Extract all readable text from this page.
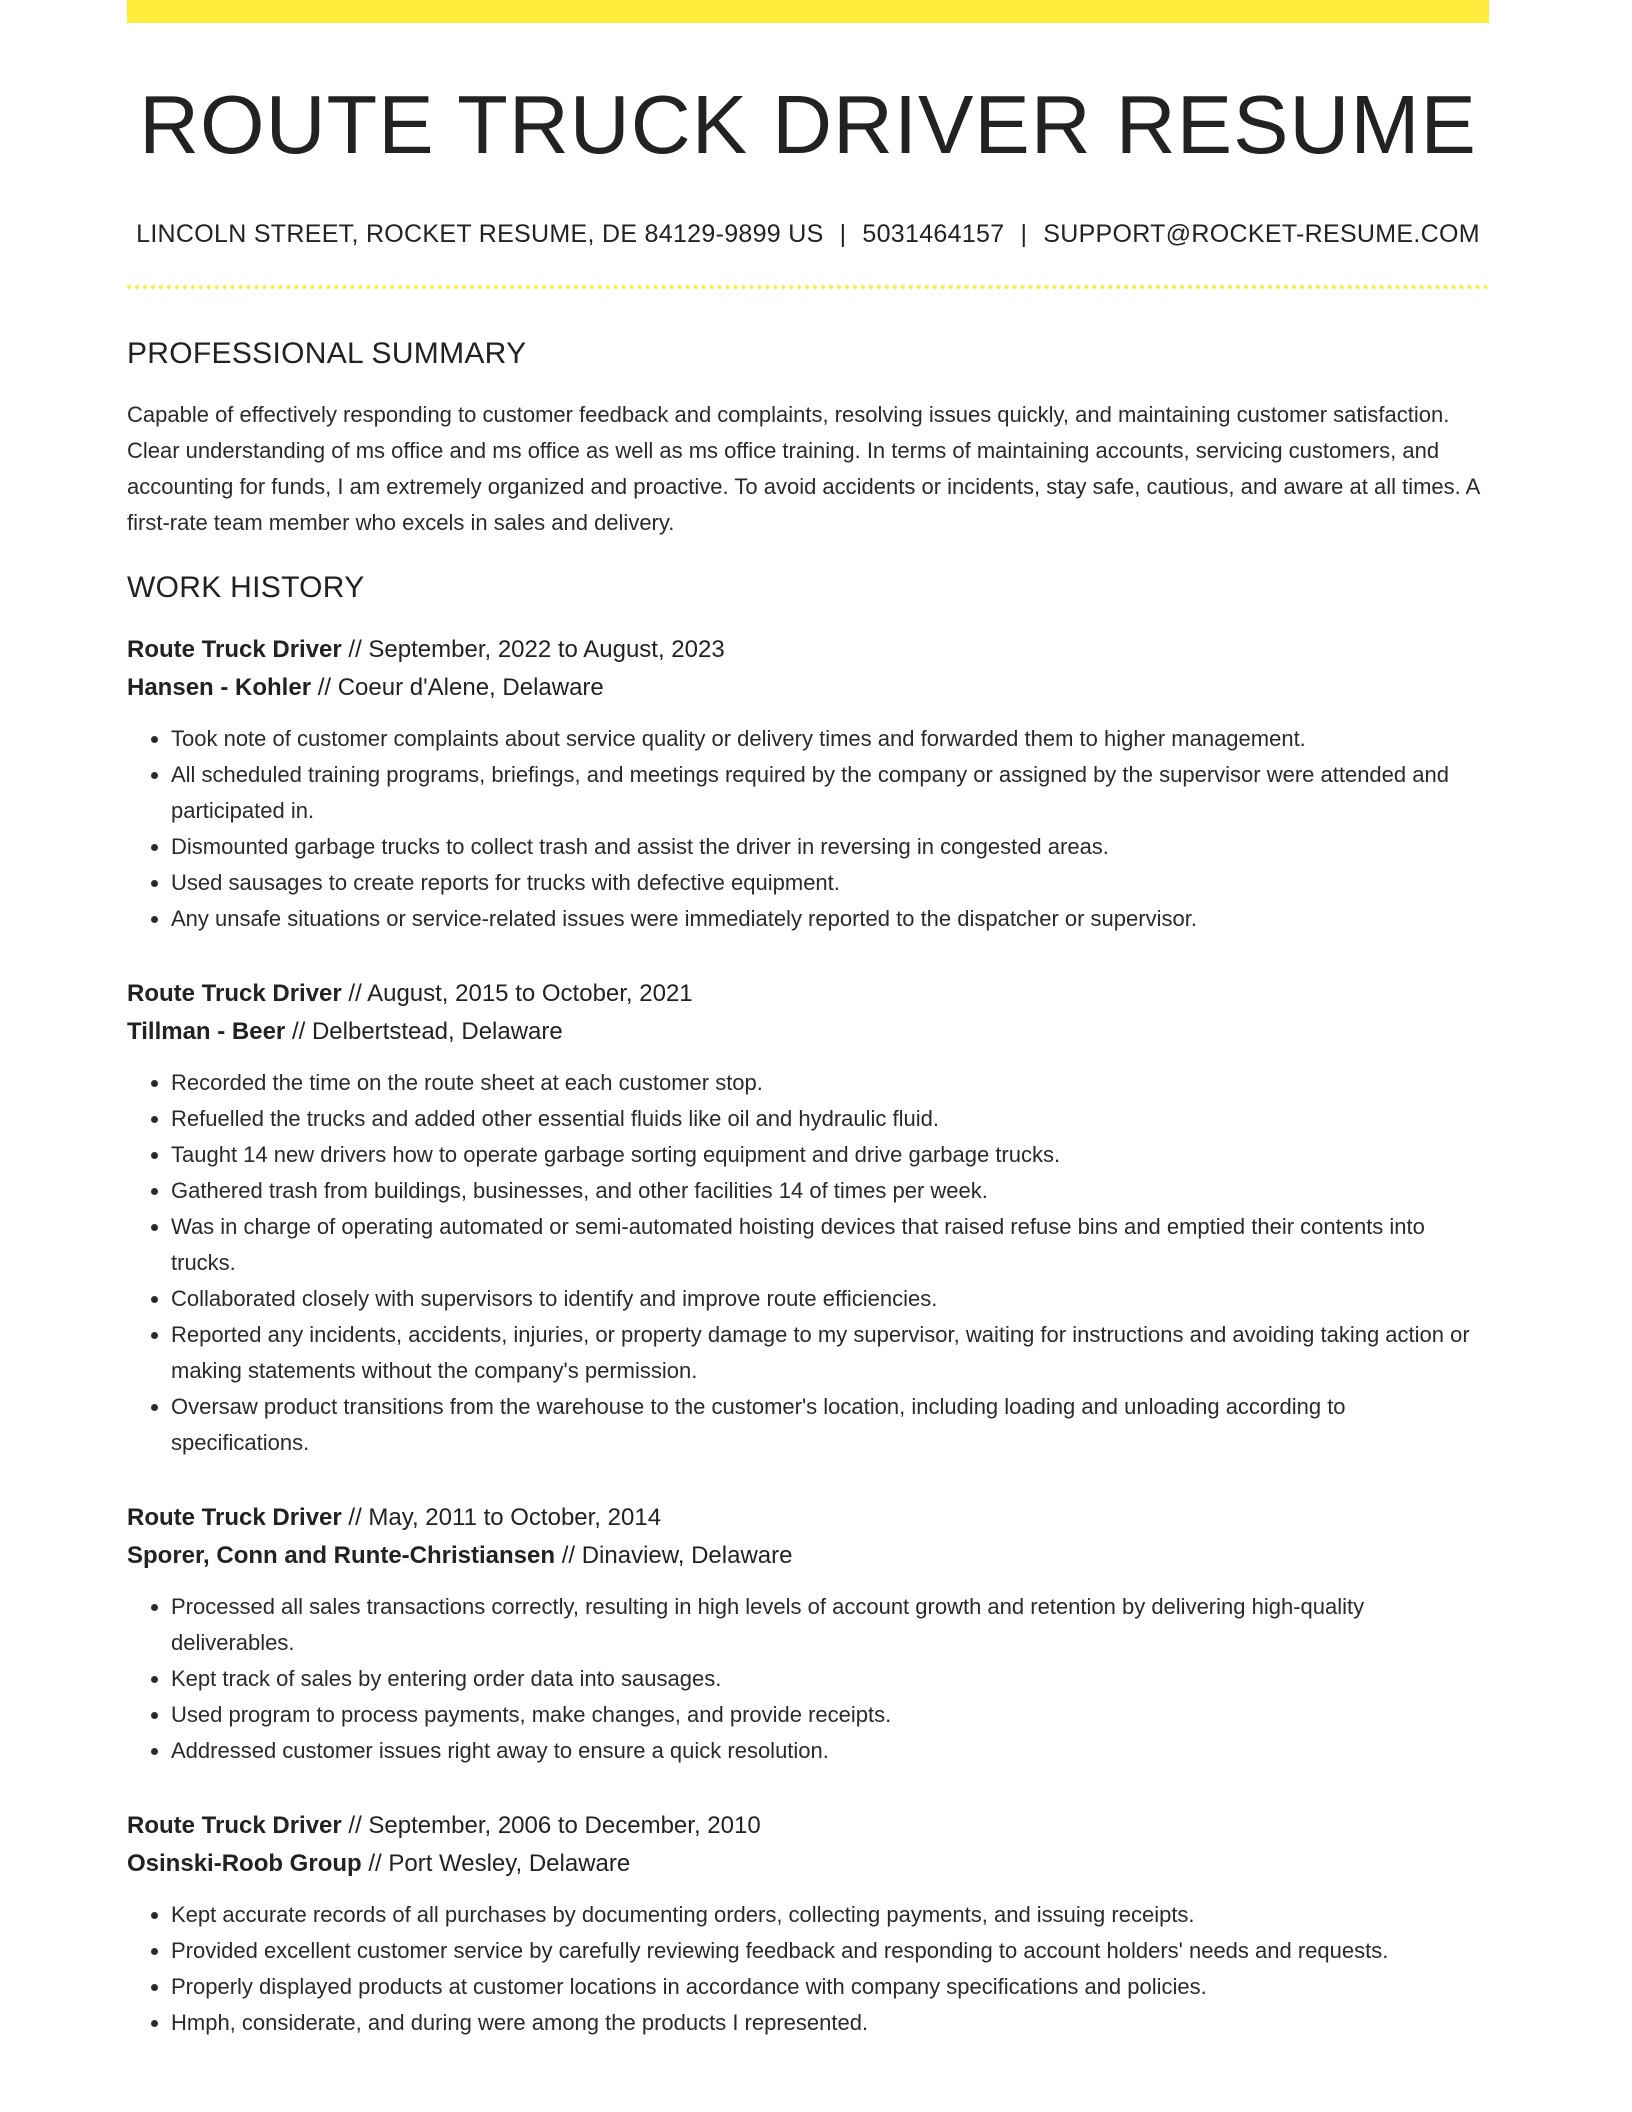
ROUTE TRUCK DRIVER RESUME
LINCOLN STREET, ROCKET RESUME, DE 84129-9899 US | 5031464157 | SUPPORT@ROCKET-RESUME.COM
PROFESSIONAL SUMMARY

Capable of effectively responding to customer feedback and complaints, resolving issues quickly, and maintaining customer satisfaction. Clear understanding of ms office and ms office as well as ms office training. In terms of maintaining accounts, servicing customers, and accounting for funds, I am extremely organized and proactive. To avoid accidents or incidents, stay safe, cautious, and aware at all times. A first-rate team member who excels in sales and delivery.

WORK HISTORY
Route Truck Driver // September, 2022 to August, 2023
Hansen - Kohler // Coeur d'Alene, Delaware
• Took note of customer complaints about service quality or delivery times and forwarded them to higher management.
• All scheduled training programs, briefings, and meetings required by the company or assigned by the supervisor were attended and participated in.
• Dismounted garbage trucks to collect trash and assist the driver in reversing in congested areas.
• Used sausages to create reports for trucks with defective equipment.
• Any unsafe situations or service-related issues were immediately reported to the dispatcher or supervisor.
Route Truck Driver // August, 2015 to October, 2021
Tillman - Beer // Delbertstead, Delaware
• Recorded the time on the route sheet at each customer stop.
• Refuelled the trucks and added other essential fluids like oil and hydraulic fluid.
• Taught 14 new drivers how to operate garbage sorting equipment and drive garbage trucks.
• Gathered trash from buildings, businesses, and other facilities 14 of times per week.
• Was in charge of operating automated or semi-automated hoisting devices that raised refuse bins and emptied their contents into trucks.
• Collaborated closely with supervisors to identify and improve route efficiencies.
• Reported any incidents, accidents, injuries, or property damage to my supervisor, waiting for instructions and avoiding taking action or making statements without the company's permission.
• Oversaw product transitions from the warehouse to the customer's location, including loading and unloading according to specifications.
Route Truck Driver // May, 2011 to October, 2014
Sporer, Conn and Runte-Christiansen // Dinaview, Delaware
• Processed all sales transactions correctly, resulting in high levels of account growth and retention by delivering high-quality deliverables.
• Kept track of sales by entering order data into sausages.
• Used program to process payments, make changes, and provide receipts.
• Addressed customer issues right away to ensure a quick resolution.
Route Truck Driver // September, 2006 to December, 2010
Osinski-Roob Group // Port Wesley, Delaware
• Kept accurate records of all purchases by documenting orders, collecting payments, and issuing receipts.
• Provided excellent customer service by carefully reviewing feedback and responding to account holders' needs and requests.
• Properly displayed products at customer locations in accordance with company specifications and policies.
• Hmph, considerate, and during were among the products I represented.
